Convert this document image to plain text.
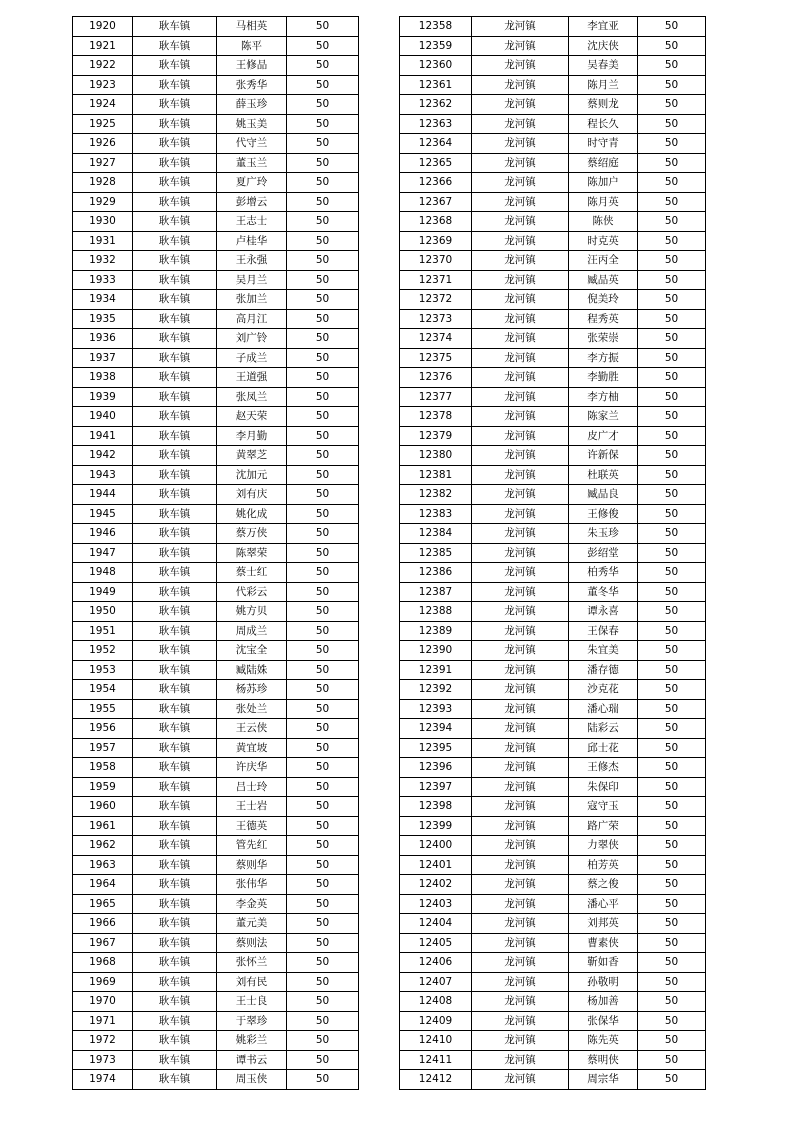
1920	耿车镇	马相英	50
1921	耿车镇	陈平	50
1922	耿车镇	王修品	50
1923	耿车镇	张秀华	50
1924	耿车镇	薛玉珍	50
1925	耿车镇	姚玉美	50
1926	耿车镇	代守兰	50
1927	耿车镇	董玉兰	50
1928	耿车镇	夏广玲	50
1929	耿车镇	彭增云	50
1930	耿车镇	王志士	50
1931	耿车镇	卢桂华	50
1932	耿车镇	王永强	50
1933	耿车镇	吴月兰	50
1934	耿车镇	张加兰	50
1935	耿车镇	高月江	50
1936	耿车镇	刘广铃	50
1937	耿车镇	子成兰	50
1938	耿车镇	王道强	50
1939	耿车镇	张凤兰	50
1940	耿车镇	赵天荣	50
1941	耿车镇	李月勤	50
1942	耿车镇	黄翠芝	50
1943	耿车镇	沈加元	50
1944	耿车镇	刘有庆	50
1945	耿车镇	姚化成	50
1946	耿车镇	蔡万侠	50
1947	耿车镇	陈翠荣	50
1948	耿车镇	蔡士红	50
1949	耿车镇	代彩云	50
1950	耿车镇	姚方贝	50
1951	耿车镇	周成兰	50
1952	耿车镇	沈宝全	50
1953	耿车镇	臧陆姝	50
1954	耿车镇	杨苏珍	50
1955	耿车镇	张处兰	50
1956	耿车镇	王云侠	50
1957	耿车镇	黄宜坡	50
1958	耿车镇	许庆华	50
1959	耿车镇	吕士玲	50
1960	耿车镇	王士岩	50
1961	耿车镇	王德英	50
1962	耿车镇	管先红	50
1963	耿车镇	蔡则华	50
1964	耿车镇	张伟华	50
1965	耿车镇	李金英	50
1966	耿车镇	董元美	50
1967	耿车镇	蔡则法	50
1968	耿车镇	张怀兰	50
1969	耿车镇	刘有民	50
1970	耿车镇	王士良	50
1971	耿车镇	于翠珍	50
1972	耿车镇	姚彩兰	50
1973	耿车镇	谭书云	50
1974	耿车镇	周玉侠	50
12358	龙河镇	李宜亚	50
12359	龙河镇	沈庆侠	50
12360	龙河镇	吴春美	50
12361	龙河镇	陈月兰	50
12362	龙河镇	蔡则龙	50
12363	龙河镇	程长久	50
12364	龙河镇	时守青	50
12365	龙河镇	蔡绍庭	50
12366	龙河镇	陈加户	50
12367	龙河镇	陈月英	50
12368	龙河镇	陈侠	50
12369	龙河镇	时克英	50
12370	龙河镇	汪丙全	50
12371	龙河镇	臧品英	50
12372	龙河镇	倪美玲	50
12373	龙河镇	程秀英	50
12374	龙河镇	张荣崇	50
12375	龙河镇	李方振	50
12376	龙河镇	李勤胜	50
12377	龙河镇	李方柚	50
12378	龙河镇	陈家兰	50
12379	龙河镇	皮广才	50
12380	龙河镇	许新保	50
12381	龙河镇	杜联英	50
12382	龙河镇	臧品良	50
12383	龙河镇	王修俊	50
12384	龙河镇	朱玉珍	50
12385	龙河镇	彭绍堂	50
12386	龙河镇	柏秀华	50
12387	龙河镇	董冬华	50
12388	龙河镇	谭永喜	50
12389	龙河镇	王保春	50
12390	龙河镇	朱宜美	50
12391	龙河镇	潘存德	50
12392	龙河镇	沙克花	50
12393	龙河镇	潘心瑞	50
12394	龙河镇	陆彩云	50
12395	龙河镇	邱士花	50
12396	龙河镇	王修杰	50
12397	龙河镇	朱保印	50
12398	龙河镇	寇守玉	50
12399	龙河镇	路广荣	50
12400	龙河镇	力翠侠	50
12401	龙河镇	柏芳英	50
12402	龙河镇	蔡之俊	50
12403	龙河镇	潘心平	50
12404	龙河镇	刘邦英	50
12405	龙河镇	曹素侠	50
12406	龙河镇	靳如香	50
12407	龙河镇	孙敬明	50
12408	龙河镇	杨加善	50
12409	龙河镇	张保华	50
12410	龙河镇	陈先英	50
12411	龙河镇	蔡明侠	50
12412	龙河镇	周宗华	50
